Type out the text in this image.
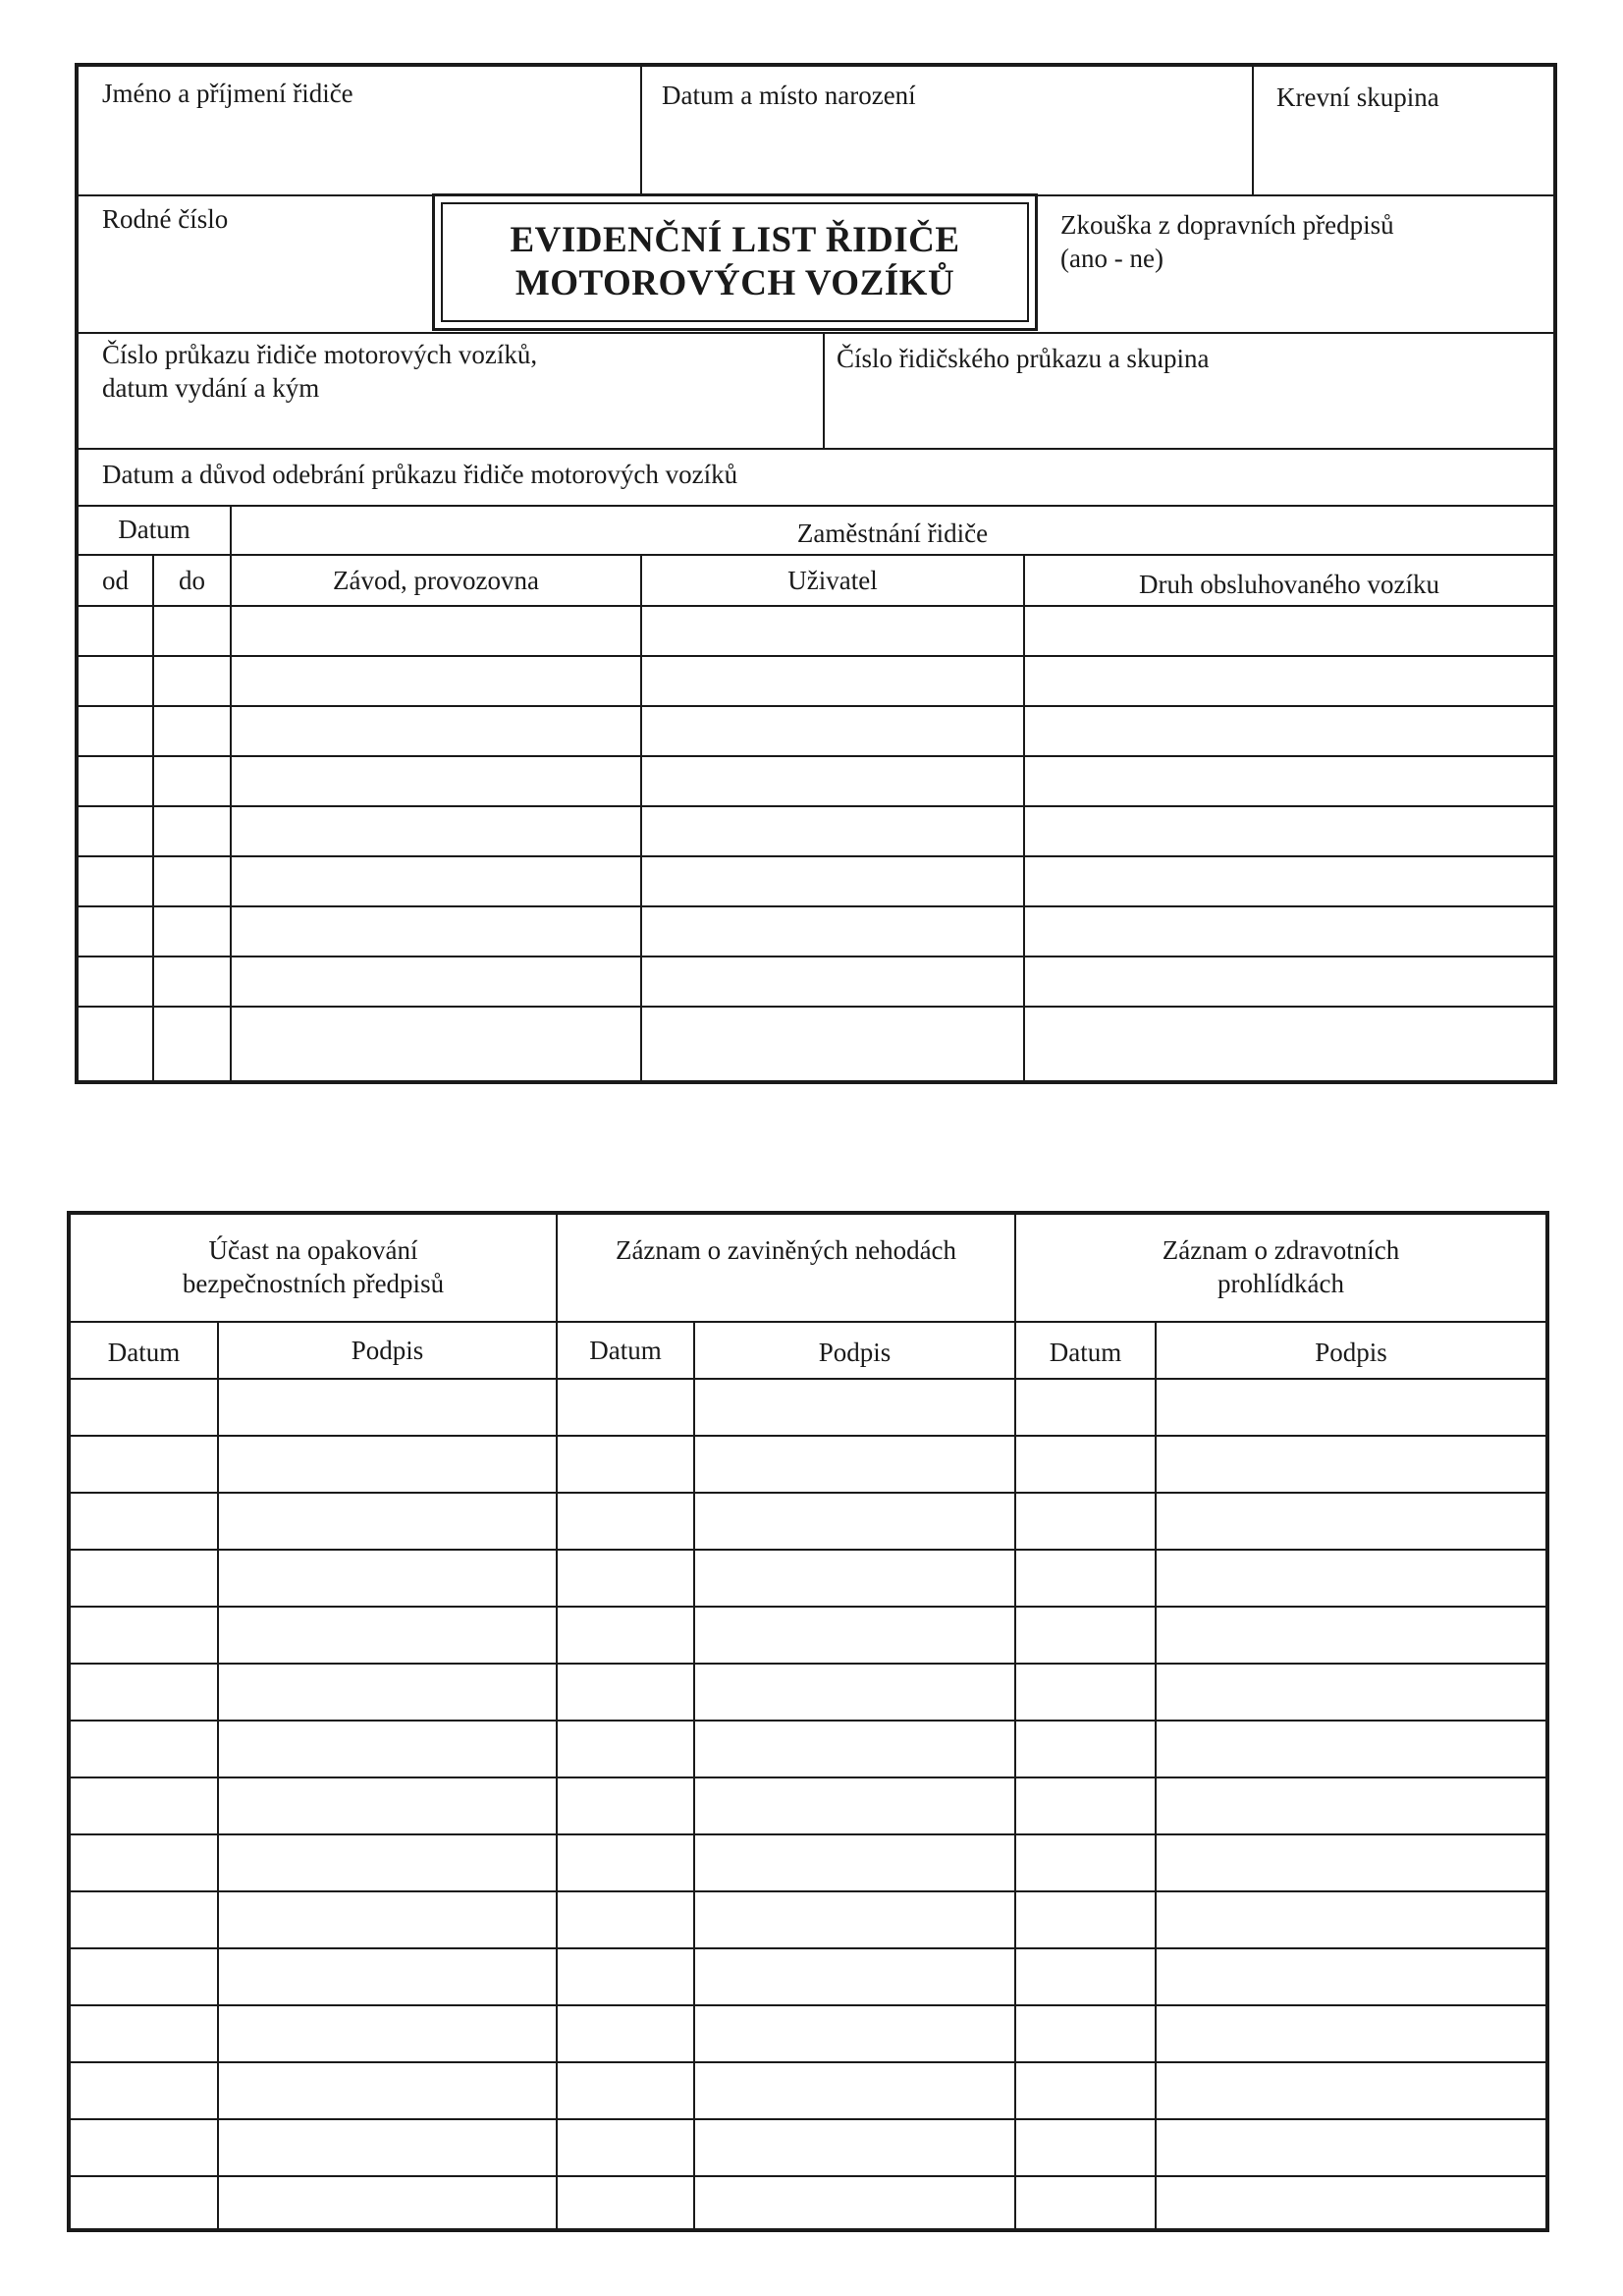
Jméno a příjmení řidiče	Datum a místo narození	Krevní skupina
Rodné číslo	Zkouška z dopravních předpisů
(ano - ne)
EVIDENČNÍ LIST ŘIDIČE
MOTOROVÝCH VOZÍKŮ
Číslo průkazu řidiče motorových vozíků,
datum vydání a kým
Číslo řidičského průkazu a skupina
Datum a důvod odebrání průkazu řidiče motorových vozíků
Datum	Zaměstnání řidiče
od	do	Závod, provozovna	Uživatel	Druh obsluhovaného vozíku
Účast na opakování
bezpečnostních předpisů
Záznam o zaviněných nehodách	Záznam o zdravotních
prohlídkách
Datum	Podpis	Datum	Podpis	Datum	Podpis
